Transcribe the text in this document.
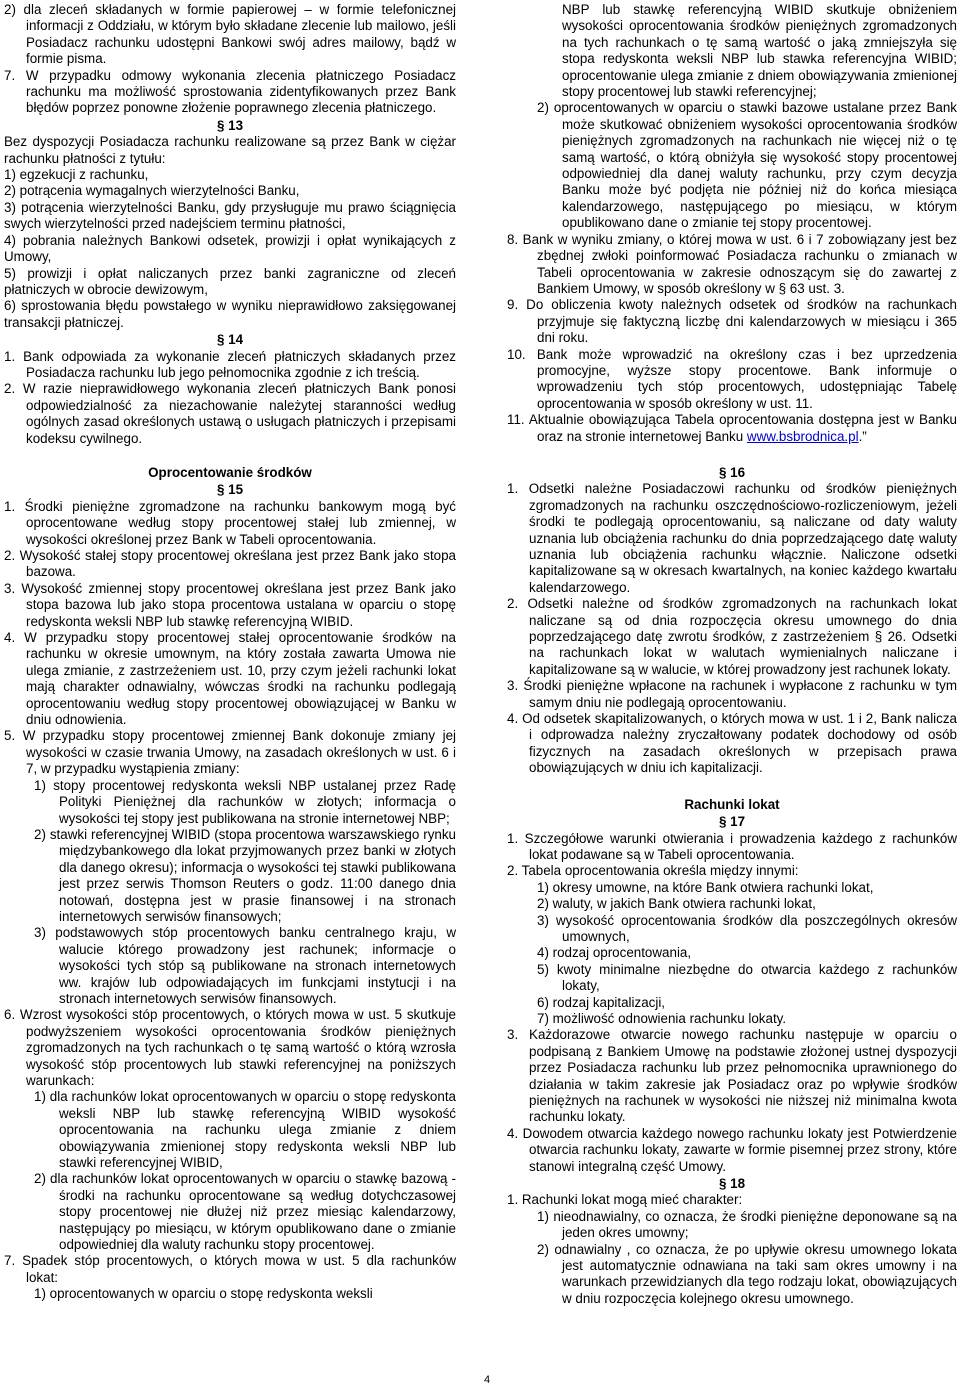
2) dla zleceń składanych w formie papierowej – w formie telefonicznej informacji z Oddziału, w którym było składane zlecenie lub mailowo, jeśli Posiadacz rachunku udostępni Bankowi swój adres mailowy, bądź w formie pisma.

7. W przypadku odmowy wykonania zlecenia płatniczego Posiadacz rachunku ma możliwość sprostowania zidentyfikowanych przez Bank błędów poprzez ponowne złożenie poprawnego zlecenia płatniczego.

§ 13

Bez dyspozycji Posiadacza rachunku realizowane są przez Bank w ciężar rachunku płatności z tytułu:

1) egzekucji z rachunku,

2) potrącenia wymagalnych wierzytelności Banku,

3) potrącenia wierzytelności Banku, gdy przysługuje mu prawo ściągnięcia swych wierzytelności przed nadejściem terminu płatności,

4) pobrania należnych Bankowi odsetek, prowizji i opłat wynikających z Umowy,

5) prowizji i opłat naliczanych przez banki zagraniczne od zleceń płatniczych w obrocie dewizowym,

6) sprostowania błędu powstałego w wyniku nieprawidłowo zaksięgowanej transakcji płatniczej.

§ 14

1. Bank odpowiada za wykonanie zleceń płatniczych składanych przez Posiadacza rachunku lub jego pełnomocnika zgodnie z ich treścią.

2. W razie nieprawidłowego wykonania zleceń płatniczych Bank ponosi odpowiedzialność za niezachowanie należytej staranności według ogólnych zasad określonych ustawą o usługach płatniczych i przepisami kodeksu cywilnego.

Oprocentowanie środków

§ 15

1. Środki pieniężne zgromadzone na rachunku bankowym mogą być oprocentowane według stopy procentowej stałej lub zmiennej, w wysokości określonej przez Bank w Tabeli oprocentowania.

2. Wysokość stałej stopy procentowej określana jest przez Bank jako stopa bazowa.

3. Wysokość zmiennej stopy procentowej określana jest przez Bank jako stopa bazowa lub jako stopa procentowa ustalana w oparciu o stopę redyskonta weksli NBP lub stawkę referencyjną WIBID.

4. W przypadku stopy procentowej stałej oprocentowanie środków na rachunku w okresie umownym, na który została zawarta Umowa nie ulega zmianie, z zastrzeżeniem ust. 10, przy czym jeżeli rachunki lokat mają charakter odnawialny, wówczas środki na rachunku podlegają oprocentowaniu według stopy procentowej obowiązującej w Banku w dniu odnowienia.

5. W przypadku stopy procentowej zmiennej Bank dokonuje zmiany jej wysokości w czasie trwania Umowy, na zasadach określonych w ust. 6 i 7, w przypadku wystąpienia zmiany:

1) stopy procentowej redyskonta weksli NBP ustalanej przez Radę Polityki Pieniężnej dla rachunków w złotych; informacja o wysokości tej stopy jest publikowana na stronie internetowej NBP;

2) stawki referencyjnej WIBID (stopa procentowa warszawskiego rynku międzybankowego dla lokat przyjmowanych przez banki w złotych dla danego okresu); informacja o wysokości tej stawki publikowana jest przez serwis Thomson Reuters o godz. 11:00 danego dnia notowań, dostępna jest w prasie finansowej i na stronach internetowych serwisów finansowych;

3) podstawowych stóp procentowych banku centralnego kraju, w walucie którego prowadzony jest rachunek; informacje o wysokości tych stóp są publikowane na stronach internetowych ww. krajów lub odpowiadających im funkcjami instytucji i na stronach internetowych serwisów finansowych.

6. Wzrost wysokości stóp procentowych, o których mowa w ust. 5 skutkuje podwyższeniem wysokości oprocentowania środków pieniężnych zgromadzonych na tych rachunkach o tę samą wartość o którą wzrosła wysokość stóp procentowych lub stawki referencyjnej na poniższych warunkach:

1) dla rachunków lokat oprocentowanych w oparciu o stopę redyskonta weksli NBP lub stawkę referencyjną WIBID wysokość oprocentowania na rachunku ulega zmianie z dniem obowiązywania zmienionej stopy redyskonta weksli NBP lub stawki referencyjnej WIBID,

2) dla rachunków lokat oprocentowanych w oparciu o stawkę bazową - środki na rachunku oprocentowane są według dotychczasowej stopy procentowej nie dłużej niż przez miesiąc kalendarzowy, następujący po miesiącu, w którym opublikowano dane o zmianie odpowiedniej dla waluty rachunku stopy procentowej.

7. Spadek stóp procentowych, o których mowa w ust. 5 dla rachunków lokat:

1) oprocentowanych w oparciu o stopę redyskonta weksli

NBP lub stawkę referencyjną WIBID skutkuje obniżeniem wysokości oprocentowania środków pieniężnych zgromadzonych na tych rachunkach o tę samą wartość o jaką zmniejszyła się stopa redyskonta weksli NBP lub stawka referencyjna WIBID; oprocentowanie ulega zmianie z dniem obowiązywania zmienionej stopy procentowej lub stawki referencyjnej;

2) oprocentowanych w oparciu o stawki bazowe ustalane przez Bank może skutkować obniżeniem wysokości oprocentowania środków pieniężnych zgromadzonych na rachunkach nie więcej niż o tę samą wartość, o którą obniżyła się wysokość stopy procentowej odpowiedniej dla danej waluty rachunku, przy czym decyzja Banku może być podjęta nie później niż do końca miesiąca kalendarzowego, następującego po miesiącu, w którym opublikowano dane o zmianie tej stopy procentowej.

8. Bank w wyniku zmiany, o której mowa w ust. 6 i 7 zobowiązany jest bez zbędnej zwłoki poinformować Posiadacza rachunku o zmianach w Tabeli oprocentowania w zakresie odnoszącym się do zawartej z Bankiem Umowy, w sposób określony w § 63 ust. 3.

9. Do obliczenia kwoty należnych odsetek od środków na rachunkach przyjmuje się faktyczną liczbę dni kalendarzowych w miesiącu i 365 dni roku.

10. Bank może wprowadzić na określony czas i bez uprzedzenia promocyjne, wyższe stopy procentowe. Bank informuje o wprowadzeniu tych stóp procentowych, udostępniając Tabelę oprocentowania w sposób określony w ust. 11.

11. Aktualnie obowiązująca Tabela oprocentowania dostępna jest w Banku oraz na stronie internetowej Banku www.bsbrodnica.pl.”

§ 16

1. Odsetki należne Posiadaczowi rachunku od środków pieniężnych zgromadzonych na rachunku oszczędnościowo-rozliczeniowym, jeżeli środki te podlegają oprocentowaniu, są naliczane od daty waluty uznania lub obciążenia rachunku do dnia poprzedzającego datę waluty uznania lub obciążenia rachunku włącznie. Naliczone odsetki kapitalizowane są w okresach kwartalnych, na koniec każdego kwartału kalendarzowego.

2. Odsetki należne od środków zgromadzonych na rachunkach lokat naliczane są od dnia rozpoczęcia okresu umownego do dnia poprzedzającego datę zwrotu środków, z zastrzeżeniem § 26. Odsetki na rachunkach lokat w walutach wymienialnych naliczane i kapitalizowane są w walucie, w której prowadzony jest rachunek lokaty.

3. Środki pieniężne wpłacone na rachunek i wypłacone z rachunku w tym samym dniu nie podlegają oprocentowaniu.

4. Od odsetek skapitalizowanych, o których mowa w ust. 1 i 2, Bank nalicza i odprowadza należny zryczałtowany podatek dochodowy od osób fizycznych na zasadach określonych w przepisach prawa obowiązujących w dniu ich kapitalizacji.

Rachunki lokat

§ 17

1. Szczegółowe warunki otwierania i prowadzenia każdego z rachunków lokat podawane są w Tabeli oprocentowania.

2. Tabela oprocentowania określa między innymi:

1) okresy umowne, na które Bank otwiera rachunki lokat,

2) waluty, w jakich Bank otwiera rachunki lokat,

3) wysokość oprocentowania środków dla poszczególnych okresów umownych,

4) rodzaj oprocentowania,

5) kwoty minimalne niezbędne do otwarcia każdego z rachunków lokaty,

6) rodzaj kapitalizacji,

7) możliwość odnowienia rachunku lokaty.

3. Każdorazowe otwarcie nowego rachunku następuje w oparciu o podpisaną z Bankiem Umowę na podstawie złożonej ustnej dyspozycji przez Posiadacza rachunku lub przez pełnomocnika uprawnionego do działania w takim zakresie jak Posiadacz oraz po wpływie środków pieniężnych na rachunek w wysokości nie niższej niż minimalna kwota rachunku lokaty.

4. Dowodem otwarcia każdego nowego rachunku lokaty jest Potwierdzenie otwarcia rachunku lokaty, zawarte w formie pisemnej przez strony, które stanowi integralną część Umowy.

§ 18

1. Rachunki lokat mogą mieć charakter:

1) nieodnawialny, co oznacza, że środki pieniężne deponowane są na jeden okres umowny;

2) odnawialny , co oznacza, że po upływie okresu umownego lokata jest automatycznie odnawiana na taki sam okres umowny i na warunkach przewidzianych dla tego rodzaju lokat, obowiązujących w dniu rozpoczęcia kolejnego okresu umownego.

4
